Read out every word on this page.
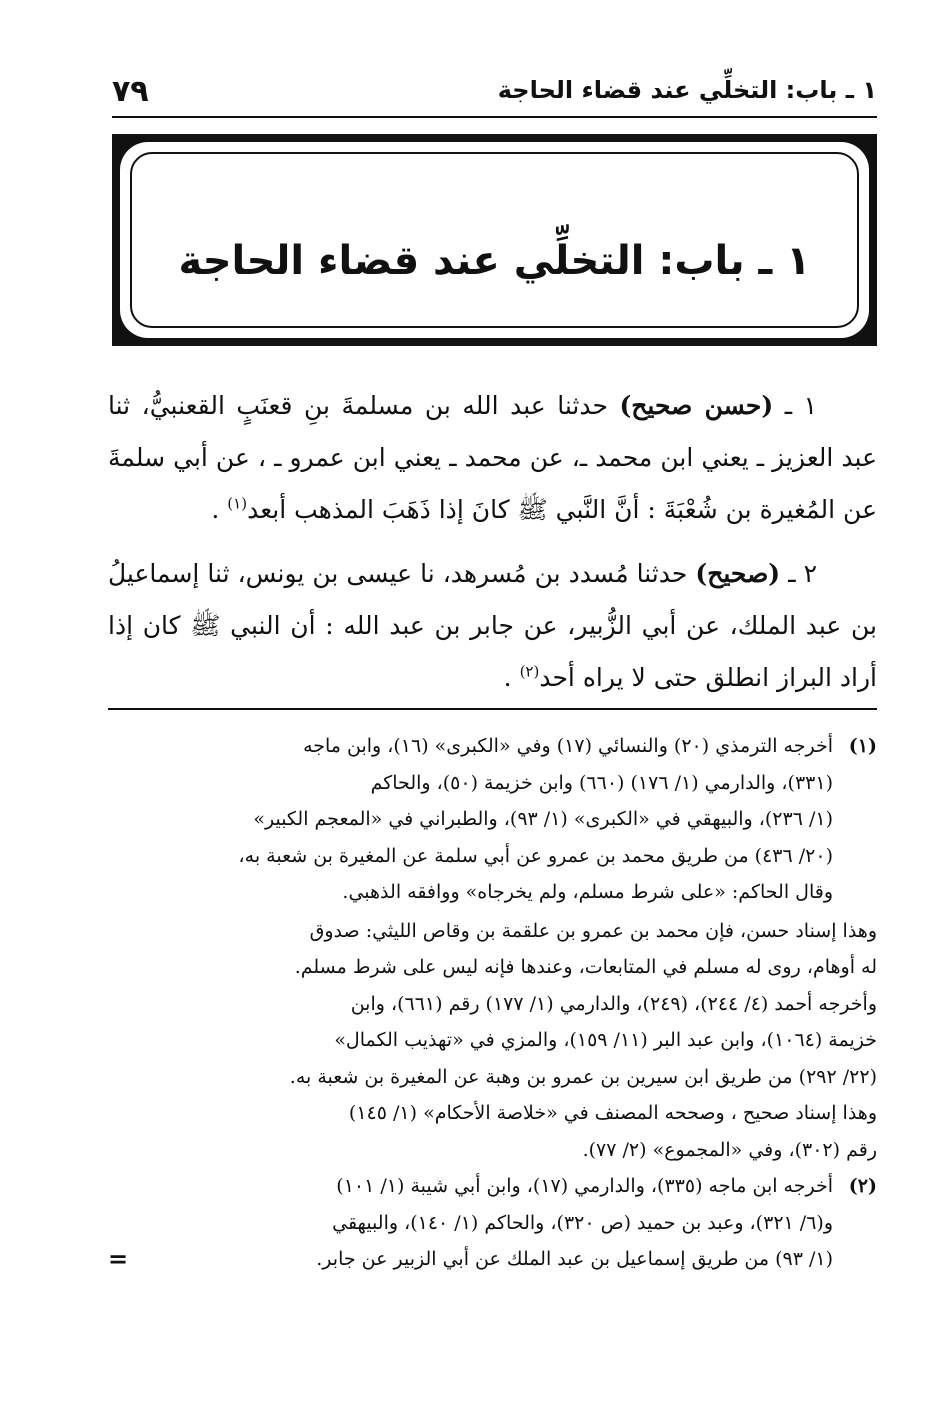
٧٩	١ ـ باب: التخلِّي عند قضاء الحاجة
١ ـ باب: التخلِّي عند قضاء الحاجة

١ ـ (حسن صحيح) حدثنا عبد الله بن مسلمةَ بنِ قعنَبٍ القعنبيُّ، ثنا عبد العزيز ـ يعني ابن محمد ـ، عن محمد ـ يعني ابن عمرو ـ ، عن أبي سلمةَ عن المُغيرة بن شُعْبَةَ : أنَّ النَّبي ﷺ كانَ إذا ذَهَبَ المذهب أبعد$^{(١)}$ .

٢ ـ (صحيح) حدثنا مُسدد بن مُسرهد، نا عيسى بن يونس، ثنا إسماعيلُ بن عبد الملك، عن أبي الزُّبير، عن جابر بن عبد الله : أن النبي ﷺ كان إذا أراد البراز انطلق حتى لا يراه أحد$^{(٢)}$ .

(١)
أخرجه الترمذي (٢٠) والنسائي (١٧) وفي «الكبرى» (١٦)، وابن ماجه
(٣٣١)، والدارمي (١/ ١٧٦) (٦٦٠) وابن خزيمة (٥٠)، والحاكم
(١/ ٢٣٦)، والبيهقي في «الكبرى» (١/ ٩٣)، والطبراني في «المعجم الكبير»
(٢٠/ ٤٣٦) من طريق محمد بن عمرو عن أبي سلمة عن المغيرة بن شعبة به،
وقال الحاكم: «على شرط مسلم، ولم يخرجاه» ووافقه الذهبي.
وهذا إسناد حسن، فإن محمد بن عمرو بن علقمة بن وقاص الليثي: صدوق
له أوهام، روى له مسلم في المتابعات، وعندها فإنه ليس على شرط مسلم.
وأخرجه أحمد (٤/ ٢٤٤)، (٢٤٩)، والدارمي (١/ ١٧٧) رقم (٦٦١)، وابن
خزيمة (١٠٦٤)، وابن عبد البر (١١/ ١٥٩)، والمزي في «تهذيب الكمال»
(٢٢/ ٢٩٢) من طريق ابن سيرين بن عمرو بن وهبة عن المغيرة بن شعبة به.
وهذا إسناد صحيح ، وصححه المصنف في «خلاصة الأحكام» (١/ ١٤٥)
رقم (٣٠٢)، وفي «المجموع» (٢/ ٧٧).
(٢)
أخرجه ابن ماجه (٣٣٥)، والدارمي (١٧)، وابن أبي شيبة (١/ ١٠١)
و(٦/ ٣٢١)، وعبد بن حميد (ص ٣٢٠)، والحاكم (١/ ١٤٠)، والبيهقي
(١/ ٩٣) من طريق إسماعيل بن عبد الملك عن أبي الزبير عن جابر.
=
